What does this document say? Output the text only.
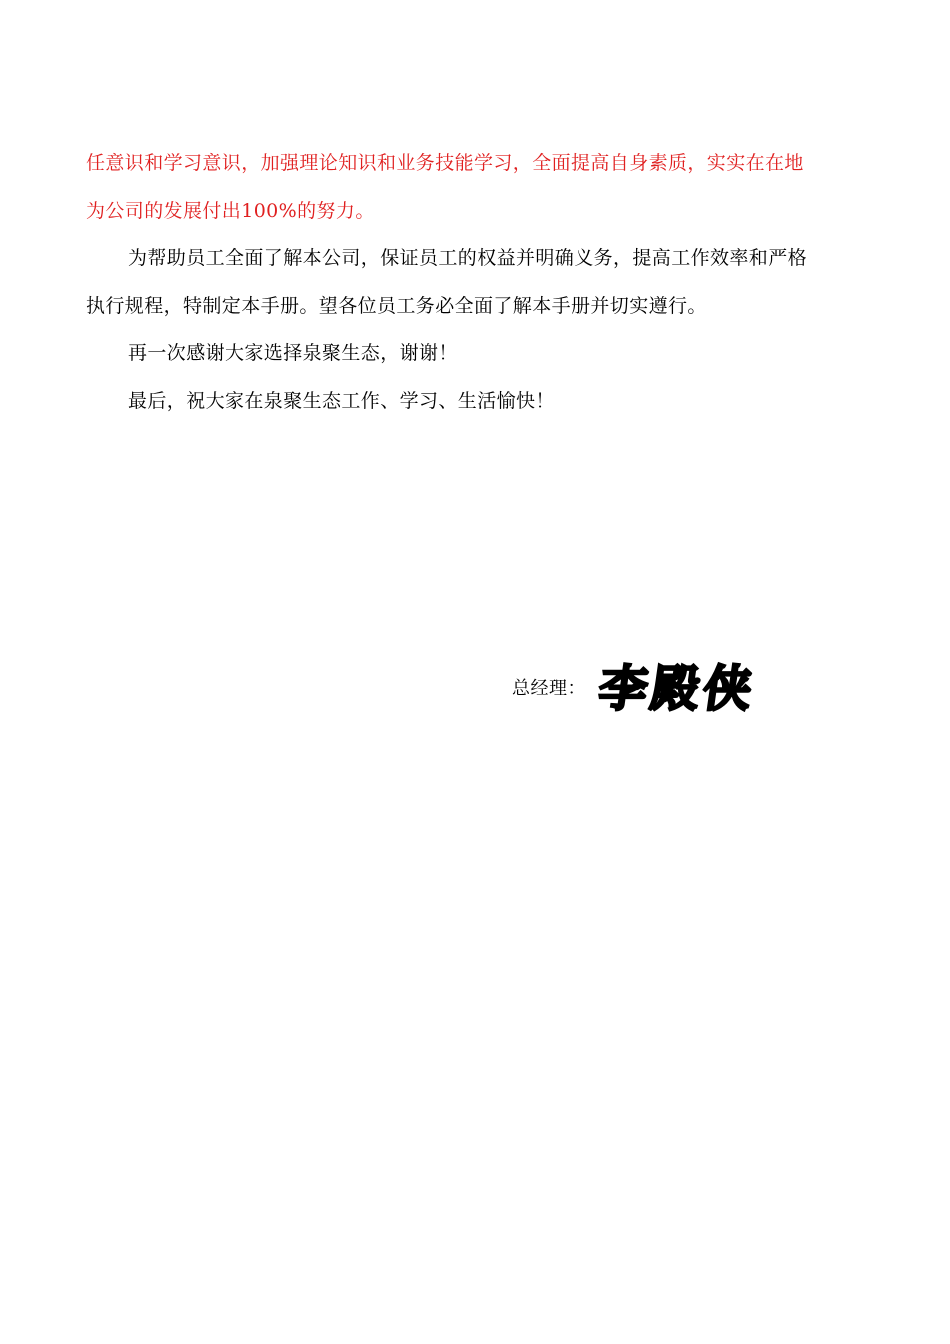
任意识和学习意识，加强理论知识和业务技能学习，全面提高自身素质，实实在在地
为公司的发展付出100%的努力。

为帮助员工全面了解本公司，保证员工的权益并明确义务，提高工作效率和严格
执行规程，特制定本手册。望各位员工务必全面了解本手册并切实遵行。

再一次感谢大家选择泉聚生态，谢谢！

最后，祝大家在泉聚生态工作、学习、生活愉快！

总经理： 李殿侠
